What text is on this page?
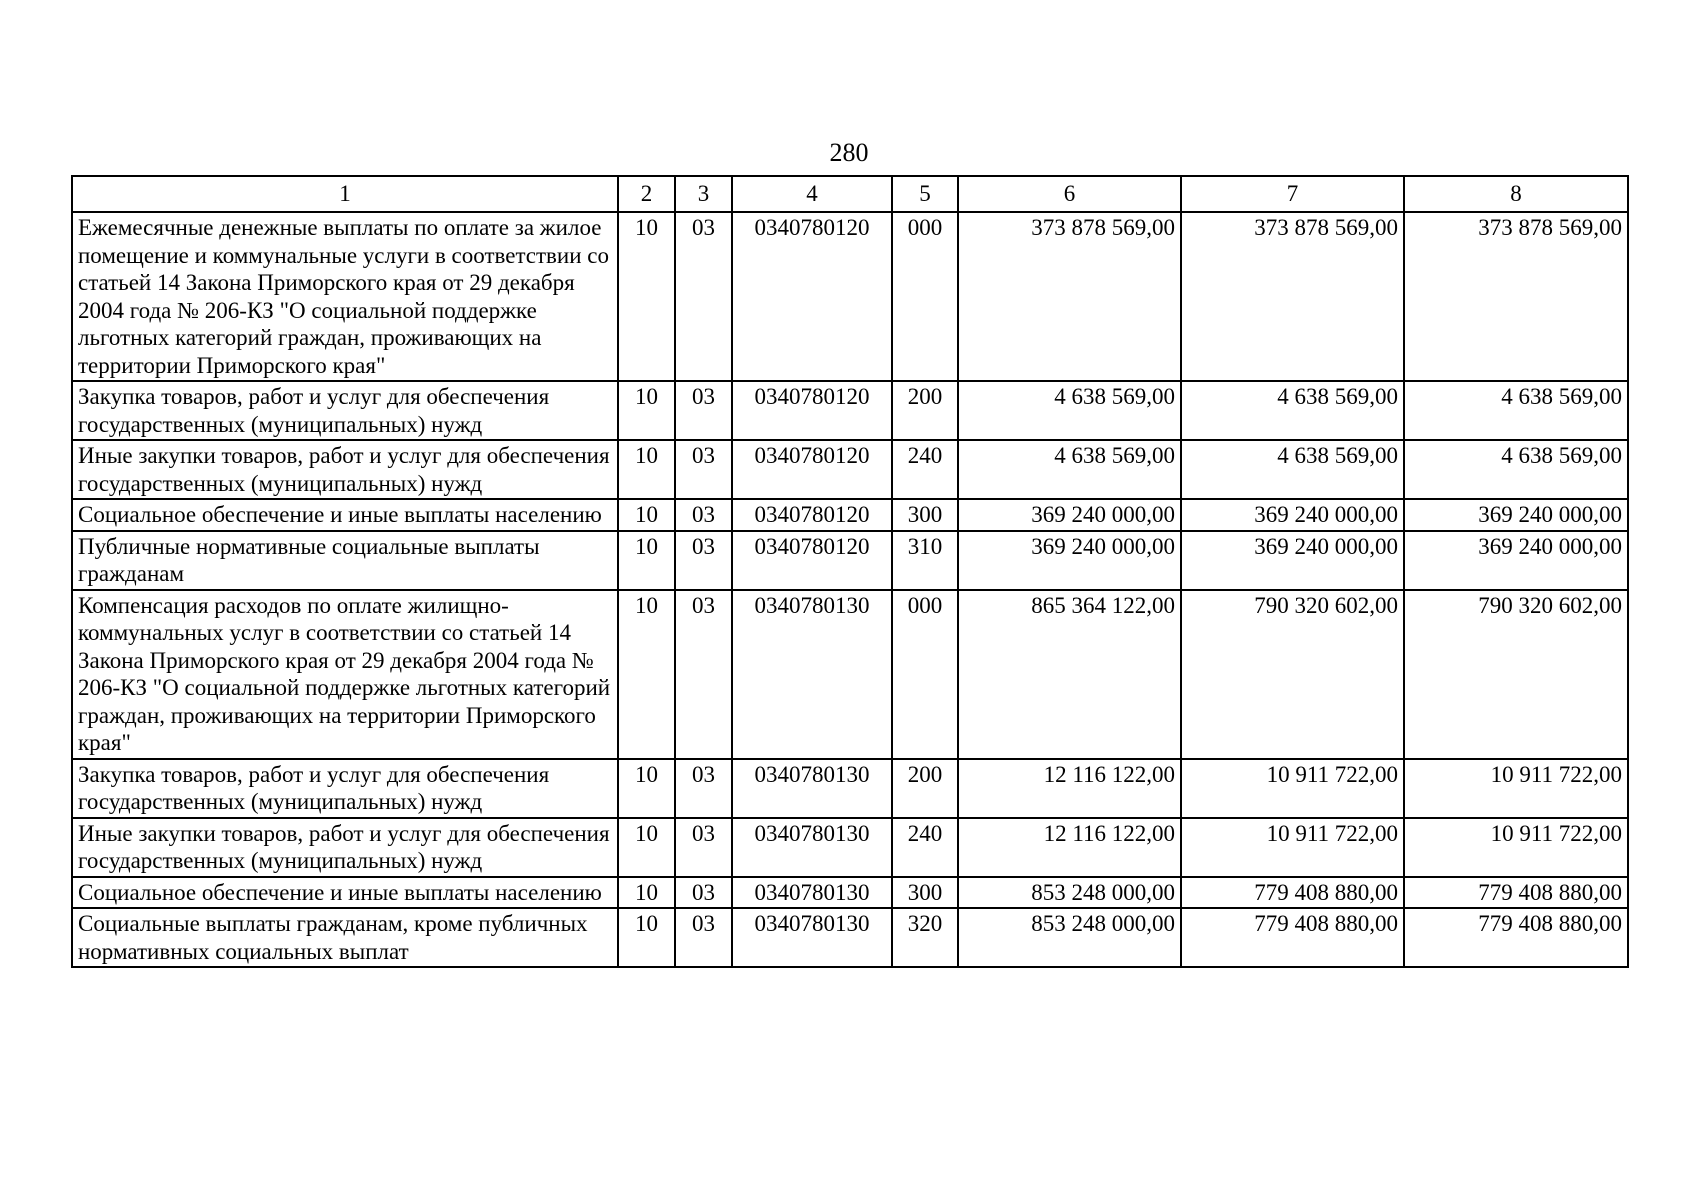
280
1	2	3	4	5	6	7	8
Ежемесячные денежные выплаты по оплате за жилое помещение и коммунальные услуги в соответствии со статьей 14 Закона Приморского края от 29 декабря 2004 года № 206-КЗ "О социальной поддержке льготных категорий граждан, проживающих на территории Приморского края"	10	03	0340780120	000	373 878 569,00	373 878 569,00	373 878 569,00
Закупка товаров, работ и услуг для обеспечения государственных (муниципальных) нужд	10	03	0340780120	200	4 638 569,00	4 638 569,00	4 638 569,00
Иные закупки товаров, работ и услуг для обеспечения государственных (муниципальных) нужд	10	03	0340780120	240	4 638 569,00	4 638 569,00	4 638 569,00
Социальное обеспечение и иные выплаты населению	10	03	0340780120	300	369 240 000,00	369 240 000,00	369 240 000,00
Публичные нормативные социальные выплаты гражданам	10	03	0340780120	310	369 240 000,00	369 240 000,00	369 240 000,00
Компенсация расходов по оплате жилищно-коммунальных услуг в соответствии со статьей 14 Закона Приморского края от 29 декабря 2004 года № 206-КЗ "О социальной поддержке льготных категорий граждан, проживающих на территории Приморского края"	10	03	0340780130	000	865 364 122,00	790 320 602,00	790 320 602,00
Закупка товаров, работ и услуг для обеспечения государственных (муниципальных) нужд	10	03	0340780130	200	12 116 122,00	10 911 722,00	10 911 722,00
Иные закупки товаров, работ и услуг для обеспечения государственных (муниципальных) нужд	10	03	0340780130	240	12 116 122,00	10 911 722,00	10 911 722,00
Социальное обеспечение и иные выплаты населению	10	03	0340780130	300	853 248 000,00	779 408 880,00	779 408 880,00
Социальные выплаты гражданам, кроме публичных нормативных социальных выплат	10	03	0340780130	320	853 248 000,00	779 408 880,00	779 408 880,00
